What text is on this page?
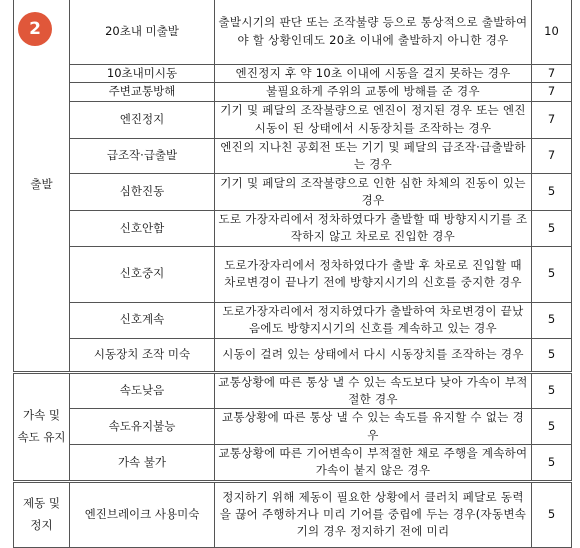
출발	20초내 미출발	출발시기의 판단 또는 조작불량 등으로 통상적으로 출발하여야 할 상황인데도 20초 이내에 출발하지 아니한 경우	10
	10초내미시동	엔진정지 후 약 10초 이내에 시동을 걸지 못하는 경우	7
	주변교통방해	불필요하게 주위의 교통에 방해를 준 경우	7
	엔진정지	기기 및 페달의 조작불량으로 엔진이 정지된 경우 또는 엔진시동이 된 상태에서 시동장치를 조작하는 경우	7
	급조작·급출발	엔진의 지나친 공회전 또는 기기 및 페달의 급조작·급출발하는 경우	7
	심한진동	기기 및 페달의 조작불량으로 인한 심한 차체의 진동이 있는 경우	5
	신호안함	도로 가장자리에서 정차하였다가 출발할 때 방향지시기를 조작하지 않고 차로로 진입한 경우	5
	신호중지	도로가장자리에서 정차하였다가 출발 후 차로로 진입할 때 차로변경이 끝나기 전에 방향지시기의 신호를 중지한 경우	5
	신호계속	도로가장자리에서 정지하였다가 출발하여 차로변경이 끝났음에도 방향지시기의 신호를 계속하고 있는 경우	5
	시동장치 조작 미숙	시동이 걸려 있는 상태에서 다시 시동장치를 조작하는 경우	5
가속 및 속도 유지	속도낮음	교통상황에 따른 통상 낼 수 있는 속도보다 낮아 가속이 부적절한 경우	5
	속도유지불능	교통상황에 따른 통상 낼 수 있는 속도를 유지할 수 없는 경우	5
	가속 불가	교통상황에 따른 기어변속이 부적절한 채로 주행을 계속하여 가속이 붙지 않은 경우	5
제동 및 정지	엔진브레이크 사용미숙	정지하기 위해 제동이 필요한 상황에서 클러치 페달로 동력을 끊어 주행하거나 미리 기어를 중립에 두는 경우(자동변속기의 경우 정지하기 전에 미리	5
2
